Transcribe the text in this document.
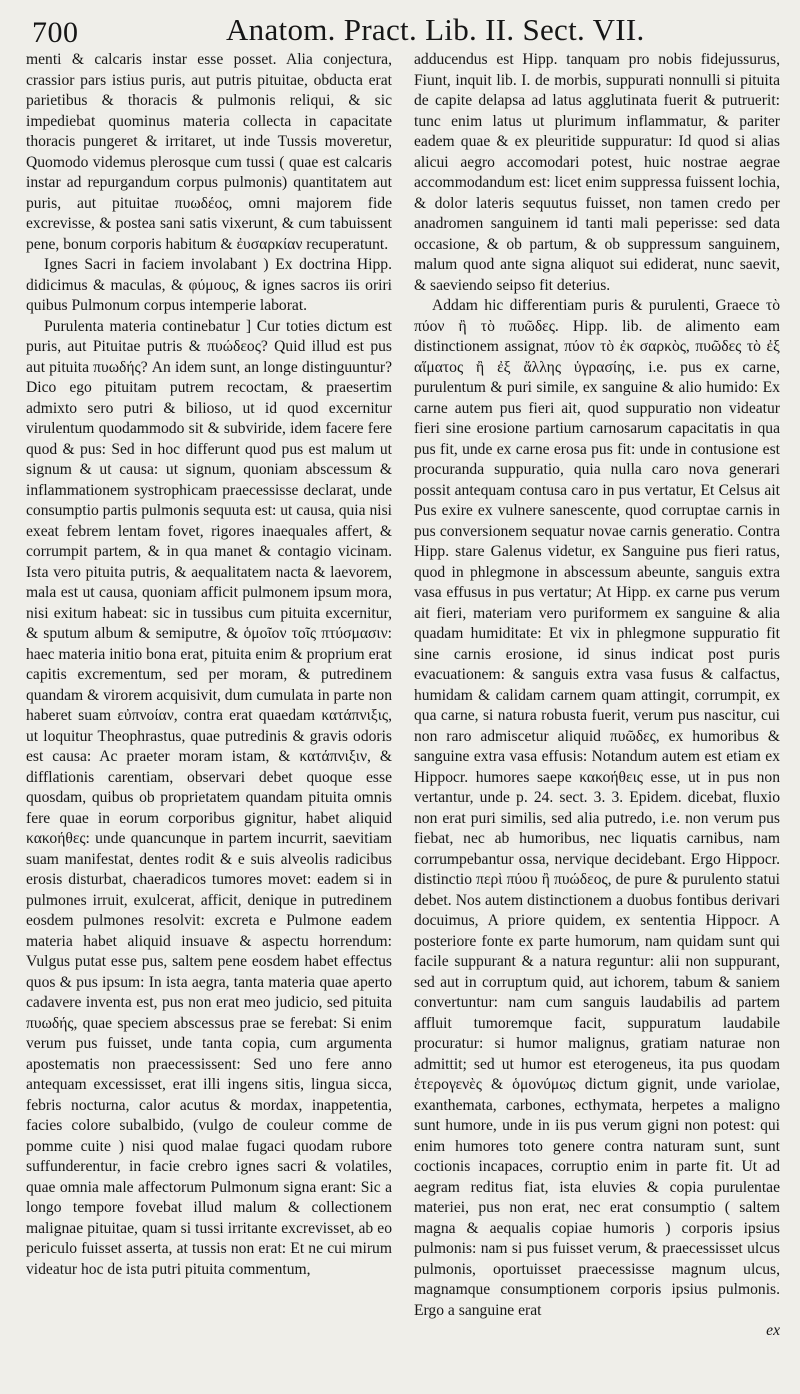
700	Anatom. Pract. Lib. II. Sect. VII.

menti & calcaris instar esse posset. Alia conjectura, crassior pars istius puris, aut putris pituitae, obducta erat parietibus & thoracis & pulmonis reliqui, & sic impediebat quominus materia collecta in capacitate thoracis pungeret & irritaret, ut inde Tussis moveretur, Quomodo videmus plerosque cum tussi ( quae est calcaris instar ad repurgandum corpus pulmonis) quantitatem aut puris, aut pituitae πυωδέος, omni majorem fide excrevisse, & postea sani satis vixerunt, & cum tabuissent pene, bonum corporis habitum & ἐυσαρκίαν recuperatunt.

Ignes Sacri in faciem involabant ) Ex doctrina Hipp. didicimus & maculas, & φύμους, & ignes sacros iis oriri quibus Pulmonum corpus intemperie laborat.

Purulenta materia continebatur ] Cur toties dictum est puris, aut Pituitae putris & πυώδεος? Quid illud est pus aut pituita πυωδής? An idem sunt, an longe distinguuntur? Dico ego pituitam putrem recoctam, & praesertim admixto sero putri & bilioso, ut id quod excernitur virulentum quodammodo sit & subviride, idem facere fere quod & pus: Sed in hoc differunt quod pus est malum ut signum & ut causa: ut signum, quoniam abscessum & inflammationem systrophicam praecessisse declarat, unde consumptio partis pulmonis sequuta est: ut causa, quia nisi exeat febrem lentam fovet, rigores inaequales affert, & corrumpit partem, & in qua manet & contagio vicinam. Ista vero pituita putris, & aequalitatem nacta & laevorem, mala est ut causa, quoniam afficit pulmonem ipsum mora, nisi exitum habeat: sic in tussibus cum pituita excernitur, & sputum album & semiputre, & ὁμοῖον τοῖς πτύσμασιν: haec materia initio bona erat, pituita enim & proprium erat capitis excrementum, sed per moram, & putredinem quandam & virorem acquisivit, dum cumulata in parte non haberet suam εὐπνοίαν, contra erat quaedam κατάπνιξις, ut loquitur Theophrastus, quae putredinis & gravis odoris est causa: Ac praeter moram istam, & κατάπνιξιν, & difflationis carentiam, observari debet quoque esse quosdam, quibus ob proprietatem quandam pituita omnis fere quae in eorum corporibus gignitur, habet aliquid κακοήθες: unde quancunque in partem incurrit, saevitiam suam manifestat, dentes rodit & e suis alveolis radicibus erosis disturbat, chaeradicos tumores movet: eadem si in pulmones irruit, exulcerat, afficit, denique in putredinem eosdem pulmones resolvit: excreta e Pulmone eadem materia habet aliquid insuave & aspectu horrendum: Vulgus putat esse pus, saltem pene eosdem habet effectus quos & pus ipsum: In ista aegra, tanta materia quae aperto cadavere inventa est, pus non erat meo judicio, sed pituita πυωδής, quae speciem abscessus prae se ferebat: Si enim verum pus fuisset, unde tanta copia, cum argumenta apostematis non praecessissent: Sed uno fere anno antequam excessisset, erat illi ingens sitis, lingua sicca, febris nocturna, calor acutus & mordax, inappetentia, facies colore subalbido, (vulgo de couleur comme de pomme cuite ) nisi quod malae fugaci quodam rubore suffunderentur, in facie crebro ignes sacri & volatiles, quae omnia male affectorum Pulmonum signa erant: Sic a longo tempore fovebat illud malum & collectionem malignae pituitae, quam si tussi irritante excrevisset, ab eo periculo fuisset asserta, at tussis non erat: Et ne cui mirum videatur hoc de ista putri pituita commentum,

adducendus est Hipp. tanquam pro nobis fidejussurus, Fiunt, inquit lib. I. de morbis, suppurati nonnulli si pituita de capite delapsa ad latus agglutinata fuerit & putruerit: tunc enim latus ut plurimum inflammatur, & pariter eadem quae & ex pleuritide suppuratur: Id quod si alias alicui aegro accomodari potest, huic nostrae aegrae accommodandum est: licet enim suppressa fuissent lochia, & dolor lateris sequutus fuisset, non tamen credo per anadromen sanguinem id tanti mali peperisse: sed data occasione, & ob partum, & ob suppressum sanguinem, malum quod ante signa aliquot sui ediderat, nunc saevit, & saeviendo seipso fit deterius.

Addam hic differentiam puris & purulenti, Graece τὸ πύον ἢ τὸ πυῶδες. Hipp. lib. de alimento eam distinctionem assignat, πύον τὸ ἐκ σαρκὸς, πυῶδες τὸ ἐξ αἵματος ἢ ἐξ ἄλλης ὑγρασίης, i.e. pus ex carne, purulentum & puri simile, ex sanguine & alio humido: Ex carne autem pus fieri ait, quod suppuratio non videatur fieri sine erosione partium carnosarum capacitatis in qua pus fit, unde ex carne erosa pus fit: unde in contusione est procuranda suppuratio, quia nulla caro nova generari possit antequam contusa caro in pus vertatur, Et Celsus ait Pus exire ex vulnere sanescente, quod corruptae carnis in pus conversionem sequatur novae carnis generatio. Contra Hipp. stare Galenus videtur, ex Sanguine pus fieri ratus, quod in phlegmone in abscessum abeunte, sanguis extra vasa effusus in pus vertatur; At Hipp. ex carne pus verum ait fieri, materiam vero puriformem ex sanguine & alia quadam humiditate: Et vix in phlegmone suppuratio fit sine carnis erosione, id sinus indicat post puris evacuationem: & sanguis extra vasa fusus & calfactus, humidam & calidam carnem quam attingit, corrumpit, ex qua carne, si natura robusta fuerit, verum pus nascitur, cui non raro admiscetur aliquid πυῶδες, ex humoribus & sanguine extra vasa effusis: Notandum autem est etiam ex Hippocr. humores saepe κακοήθεις esse, ut in pus non vertantur, unde p. 24. sect. 3. 3. Epidem. dicebat, fluxio non erat puri similis, sed alia putredo, i.e. non verum pus fiebat, nec ab humoribus, nec liquatis carnibus, nam corrumpebantur ossa, nervique decidebant. Ergo Hippocr. distinctio περὶ πύου ἢ πυώδεος, de pure & purulento statui debet. Nos autem distinctionem a duobus fontibus derivari docuimus, A priore quidem, ex sententia Hippocr. A posteriore fonte ex parte humorum, nam quidam sunt qui facile suppurant & a natura reguntur: alii non suppurant, sed aut in corruptum quid, aut ichorem, tabum & saniem convertuntur: nam cum sanguis laudabilis ad partem affluit tumoremque facit, suppuratum laudabile procuratur: si humor malignus, gratiam naturae non admittit; sed ut humor est eterogeneus, ita pus quodam ἑτερογενὲς & ὁμονύμως dictum gignit, unde variolae, exanthemata, carbones, ecthymata, herpetes a maligno sunt humore, unde in iis pus verum gigni non potest: qui enim humores toto genere contra naturam sunt, sunt coctionis incapaces, corruptio enim in parte fit. Ut ad aegram reditus fiat, ista eluvies & copia purulentae materiei, pus non erat, nec erat consumptio ( saltem magna & aequalis copiae humoris ) corporis ipsius pulmonis: nam si pus fuisset verum, & praecessisset ulcus pulmonis, oportuisset praecessisse magnum ulcus, magnamque consumptionem corporis ipsius pulmonis. Ergo a sanguine erat

ex
